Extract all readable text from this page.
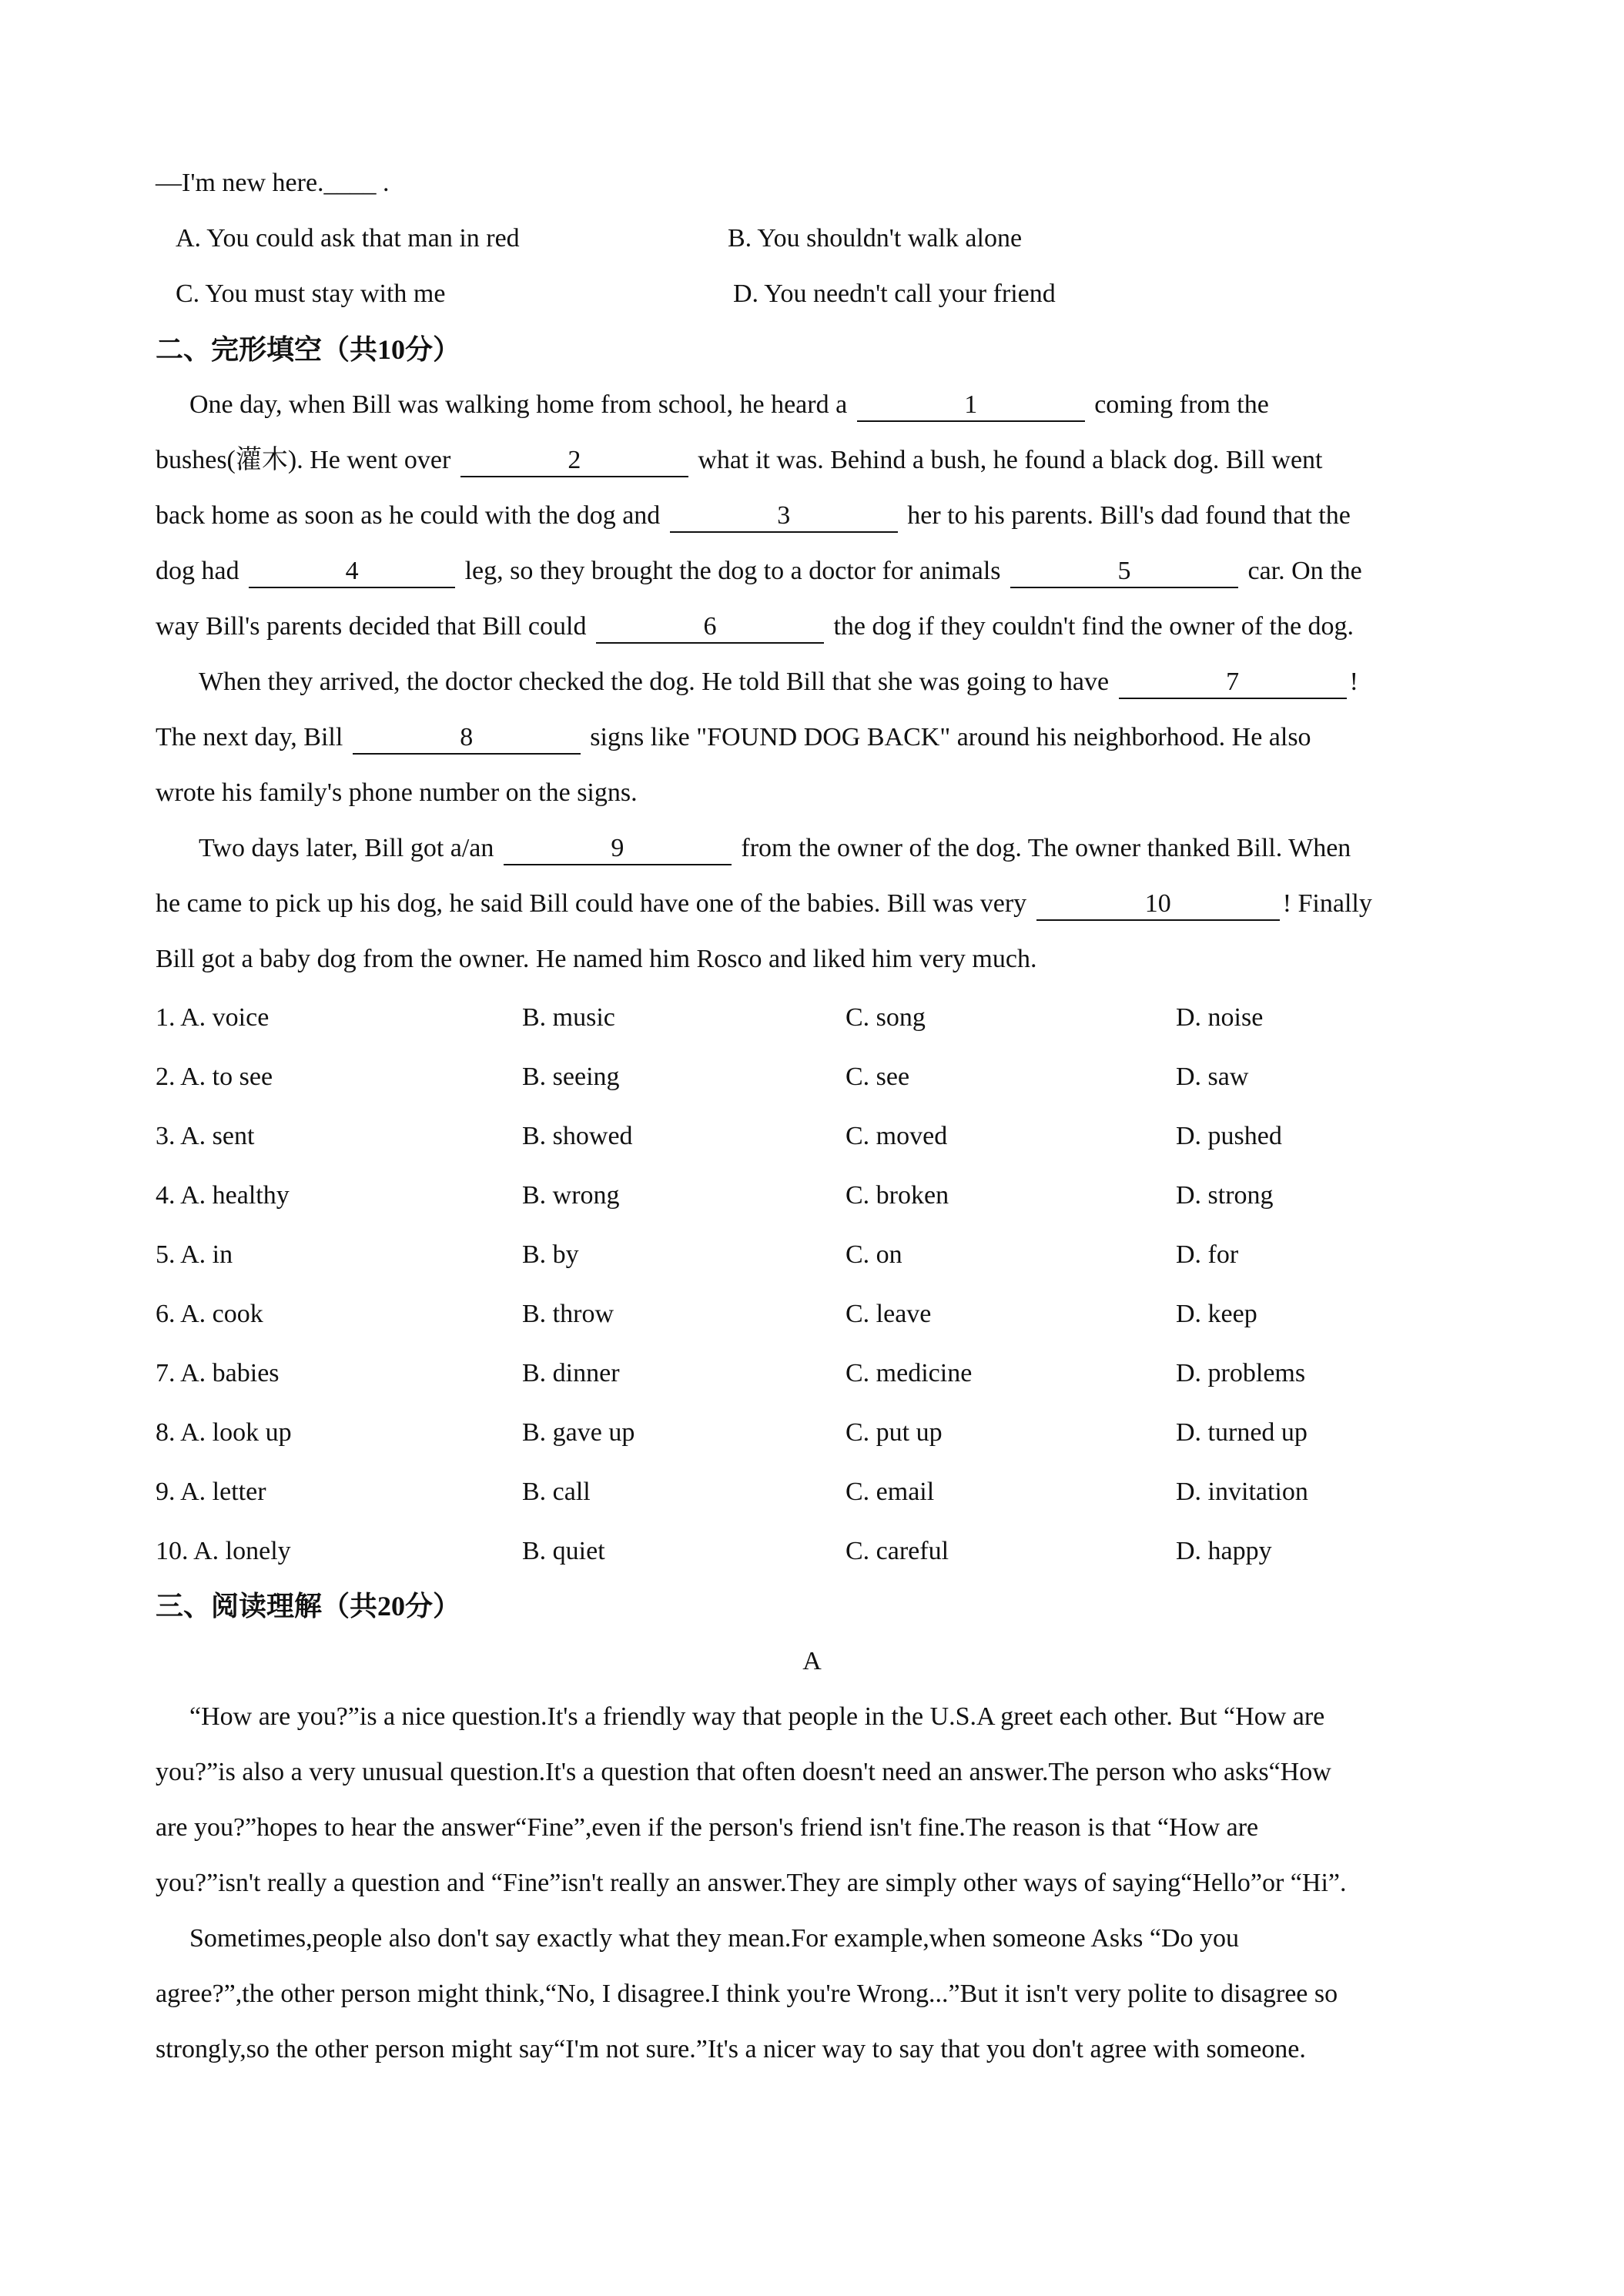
—I'm new here.____ .
A. You could ask that man in red	B. You shouldn't walk alone
C. You must stay with me	D. You needn't call your friend
二、完形填空（共10分）
One day, when Bill was walking home from school, he heard a	1	coming from the
bushes(灌木). He went over	2	what it was. Behind a bush, he found a black dog. Bill went
back home as soon as he could with the dog and	3	her to his parents. Bill's dad found that the
dog had	4	leg, so they brought the dog to a doctor for animals	5	car. On the
way Bill's parents decided that Bill could	6	the dog if they couldn't find the owner of the dog.
When they arrived, the doctor checked the dog. He told Bill that she was going to have	7	!
The next day, Bill	8	signs like "FOUND DOG BACK" around his neighborhood. He also
wrote his family's phone number on the signs.
Two days later, Bill got a/an	9	from the owner of the dog. The owner thanked Bill. When
he came to pick up his dog, he said Bill could have one of the babies. Bill was very	10	! Finally
Bill got a baby dog from the owner. He named him Rosco and liked him very much.
1. A. voice	B. music	C. song	D. noise
2. A. to see	B. seeing	C. see	D. saw
3. A. sent	B. showed	C. moved	D. pushed
4. A. healthy	B. wrong	C. broken	D. strong
5. A. in	B. by	C. on	D. for
6. A. cook	B. throw	C. leave	D. keep
7. A. babies	B. dinner	C. medicine	D. problems
8. A. look up	B. gave up	C. put up	D. turned up
9. A. letter	B. call	C. email	D. invitation
10. A. lonely	B. quiet	C. careful	D. happy
三、阅读理解（共20分）
A
“How are you?”is a nice question.It's a friendly way that people in the U.S.A greet each other. But “How are
you?”is also a very unusual question.It's a question that often doesn't need an answer.The person who asks“How
are you?”hopes to hear the answer“Fine”,even if the person's friend isn't fine.The reason is that “How are
you?”isn't really a question and “Fine”isn't really an answer.They are simply other ways of saying“Hello”or “Hi”.
Sometimes,people also don't say exactly what they mean.For example,when someone Asks “Do you
agree?”,the other person might think,“No, I disagree.I think you're Wrong...”But it isn't very polite to disagree so
strongly,so the other person might say“I'm not sure.”It's a nicer way to say that you don't agree with someone.
